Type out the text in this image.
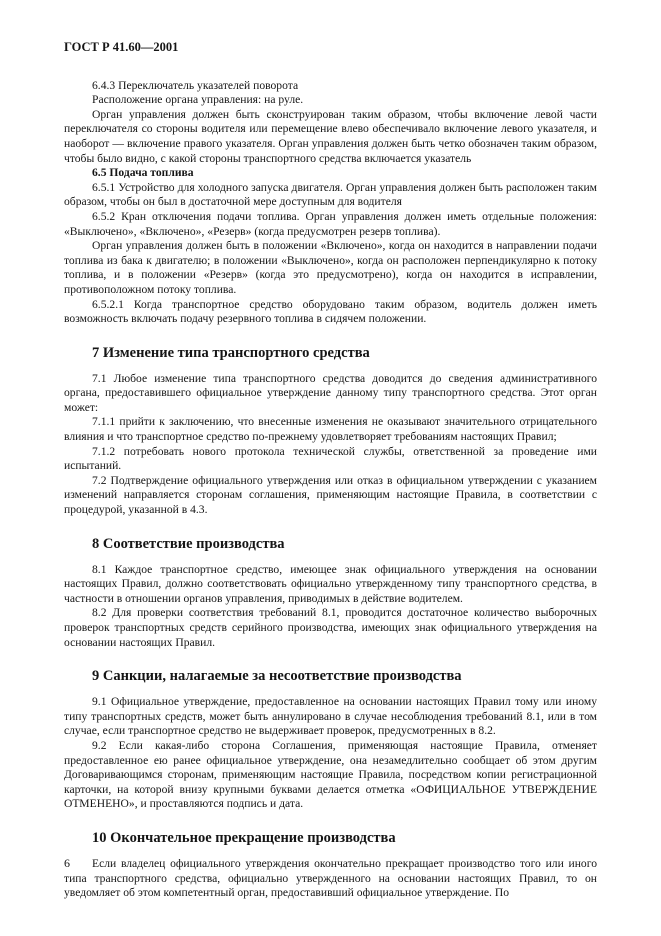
ГОСТ Р 41.60—2001

6.4.3 Переключатель указателей поворота

Расположение органа управления: на руле.

Орган управления должен быть сконструирован таким образом, чтобы включение левой части переключателя со стороны водителя или перемещение влево обеспечивало включение левого указателя, и наоборот — включение правого указателя. Орган управления должен быть четко обозначен таким образом, чтобы было видно, с какой стороны транспортного средства включается указатель

6.5 Подача топлива

6.5.1 Устройство для холодного запуска двигателя. Орган управления должен быть расположен таким образом, чтобы он был в достаточной мере доступным для водителя

6.5.2 Кран отключения подачи топлива. Орган управления должен иметь отдельные положения: «Выключено», «Включено», «Резерв» (когда предусмотрен резерв топлива).

Орган управления должен быть в положении «Включено», когда он находится в направлении подачи топлива из бака к двигателю; в положении «Выключено», когда он расположен перпендикулярно к потоку топлива, и в положении «Резерв» (когда это предусмотрено), когда он находится в исправлении, противоположном потоку топлива.

6.5.2.1 Когда транспортное средство оборудовано таким образом, водитель должен иметь возможность включать подачу резервного топлива в сидячем положении.

7 Изменение типа транспортного средства

7.1 Любое изменение типа транспортного средства доводится до сведения административного органа, предоставившего официальное утверждение данному типу транспортного средства. Этот орган может:

7.1.1 прийти к заключению, что внесенные изменения не оказывают значительного отрицательного влияния и что транспортное средство по-прежнему удовлетворяет требованиям настоящих Правил;

7.1.2 потребовать нового протокола технической службы, ответственной за проведение ими испытаний.

7.2 Подтверждение официального утверждения или отказ в официальном утверждении с указанием изменений направляется сторонам соглашения, применяющим настоящие Правила, в соответствии с процедурой, указанной в 4.3.

8 Соответствие производства

8.1 Каждое транспортное средство, имеющее знак официального утверждения на основании настоящих Правил, должно соответствовать официально утвержденному типу транспортного средства, в частности в отношении органов управления, приводимых в действие водителем.

8.2 Для проверки соответствия требований 8.1, проводится достаточное количество выборочных проверок транспортных средств серийного производства, имеющих знак официального утверждения на основании настоящих Правил.

9 Санкции, налагаемые за несоответствие производства

9.1 Официальное утверждение, предоставленное на основании настоящих Правил тому или иному типу транспортных средств, может быть аннулировано в случае несоблюдения требований 8.1, или в том случае, если транспортное средство не выдерживает проверок, предусмотренных в 8.2.

9.2 Если какая-либо сторона Соглашения, применяющая настоящие Правила, отменяет предоставленное ею ранее официальное утверждение, она незамедлительно сообщает об этом другим Договаривающимся сторонам, применяющим настоящие Правила, посредством копии регистрационной карточки, на которой внизу крупными буквами делается отметка «ОФИЦИАЛЬНОЕ УТВЕРЖДЕНИЕ ОТМЕНЕНО», и проставляются подпись и дата.

10 Окончательное прекращение производства

Если владелец официального утверждения окончательно прекращает производство того или иного типа транспортного средства, официально утвержденного на основании настоящих Правил, то он уведомляет об этом компетентный орган, предоставивший официальное утверждение. По

6
